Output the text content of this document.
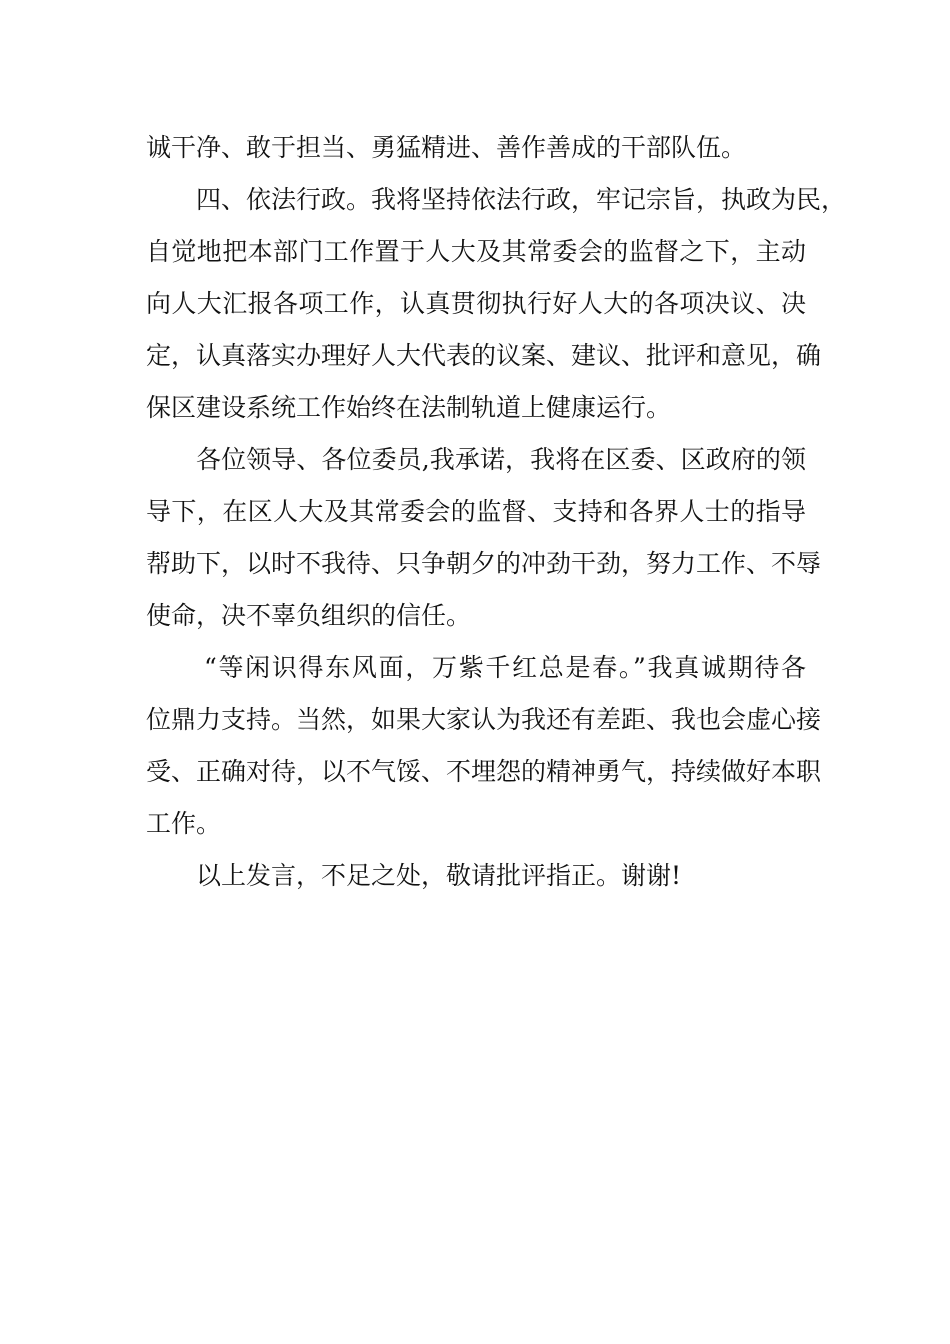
诚干净、敢于担当、勇猛精进、善作善成的干部队伍。
四、依法行政。我将坚持依法行政，牢记宗旨，执政为民，
自觉地把本部门工作置于人大及其常委会的监督之下，主动
向人大汇报各项工作，认真贯彻执行好人大的各项决议、决
定，认真落实办理好人大代表的议案、建议、批评和意见，确
保区建设系统工作始终在法制轨道上健康运行。
各位领导、各位委员,我承诺，我将在区委、区政府的领
导下，在区人大及其常委会的监督、支持和各界人士的指导
帮助下，以时不我待、只争朝夕的冲劲干劲，努力工作、不辱
使命，决不辜负组织的信任。
“等闲识得东风面，万紫千红总是春。”我真诚期待各
位鼎力支持。当然，如果大家认为我还有差距、我也会虚心接
受、正确对待，以不气馁、不埋怨的精神勇气，持续做好本职
工作。
以上发言，不足之处，敬请批评指正。谢谢!
